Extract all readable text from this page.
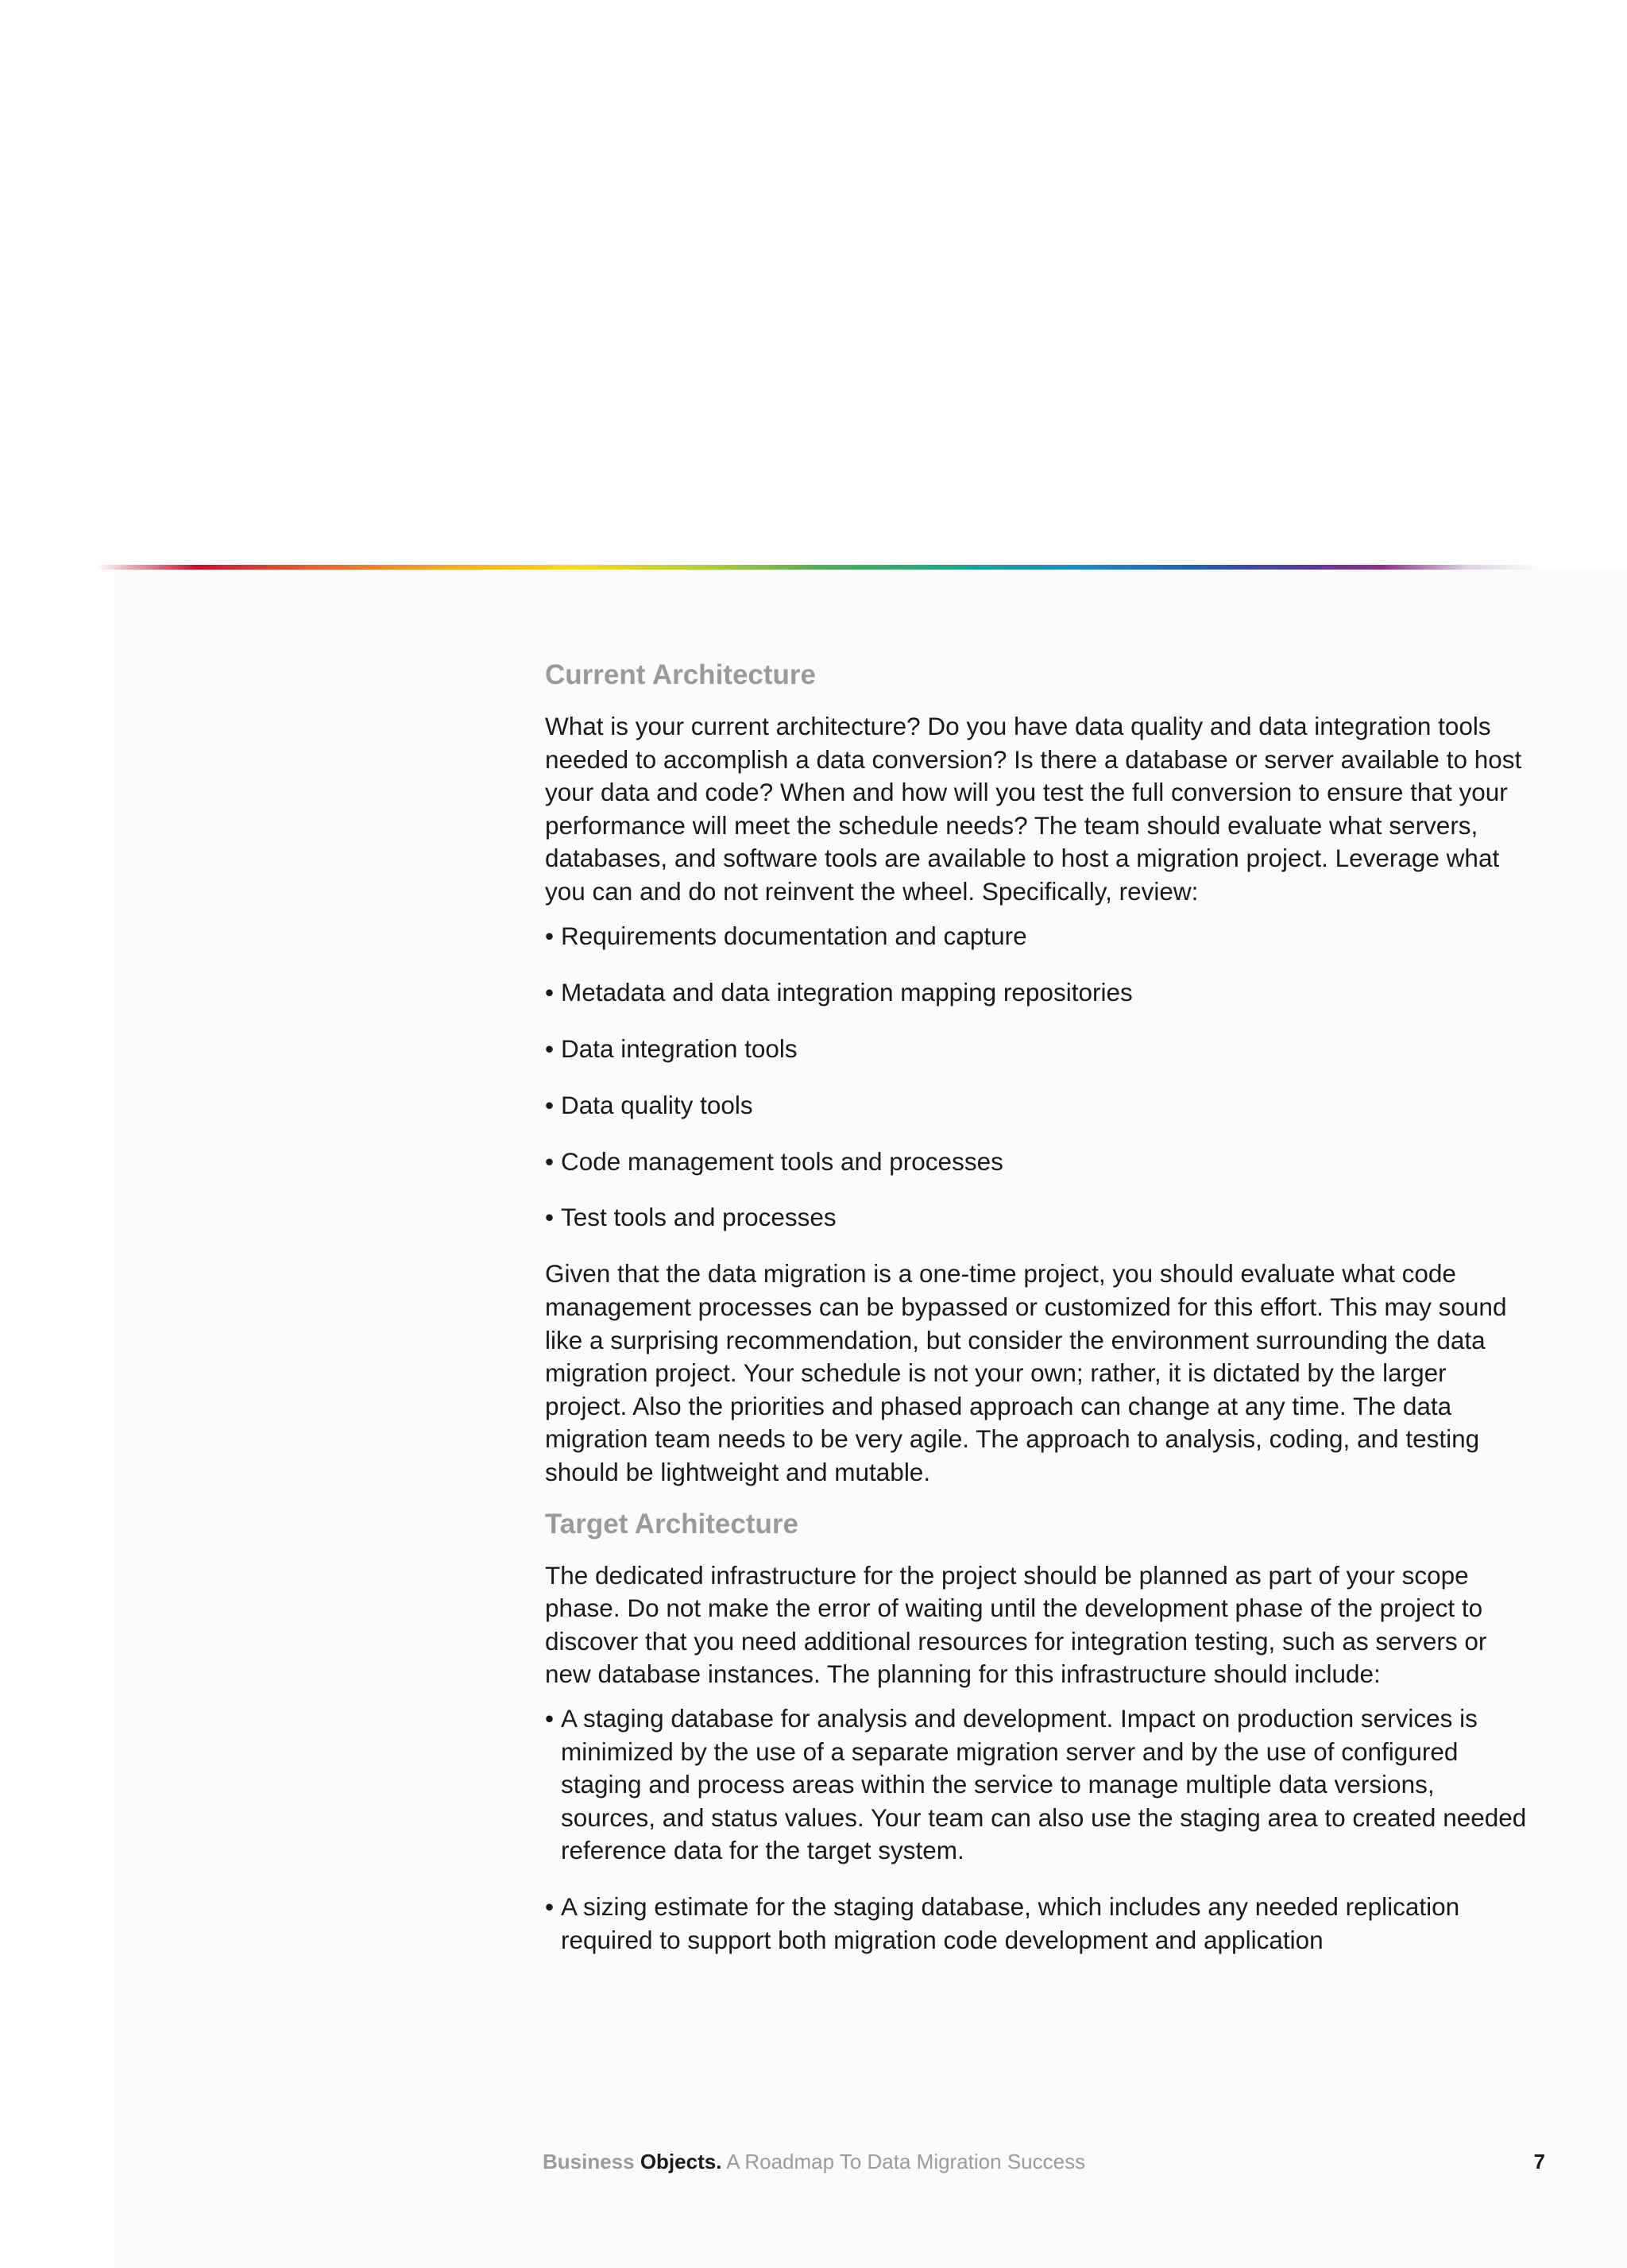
Current Architecture

What is your current architecture? Do you have data quality and data integration tools needed to accomplish a data conversion? Is there a database or server available to host your data and code? When and how will you test the full conversion to ensure that your performance will meet the schedule needs? The team should evaluate what servers, databases, and software tools are available to host a migration project. Leverage what you can and do not reinvent the wheel. Specifically, review:

• Requirements documentation and capture
• Metadata and data integration mapping repositories
• Data integration tools
• Data quality tools
• Code management tools and processes
• Test tools and processes

Given that the data migration is a one-time project, you should evaluate what code management processes can be bypassed or customized for this effort. This may sound like a surprising recommendation, but consider the environment surrounding the data migration project. Your schedule is not your own; rather, it is dictated by the larger project. Also the priorities and phased approach can change at any time. The data migration team needs to be very agile. The approach to analysis, coding, and testing should be lightweight and mutable.

Target Architecture

The dedicated infrastructure for the project should be planned as part of your scope phase. Do not make the error of waiting until the development phase of the project to discover that you need additional resources for integration testing, such as servers or new database instances. The planning for this infrastructure should include:

• A staging database for analysis and development. Impact on production services is minimized by the use of a separate migration server and by the use of configured staging and process areas within the service to manage multiple data versions, sources, and status values. Your team can also use the staging area to created needed reference data for the target system.
• A sizing estimate for the staging database, which includes any needed replication required to support both migration code development and application
Business Objects. A Roadmap To Data Migration Success	7
